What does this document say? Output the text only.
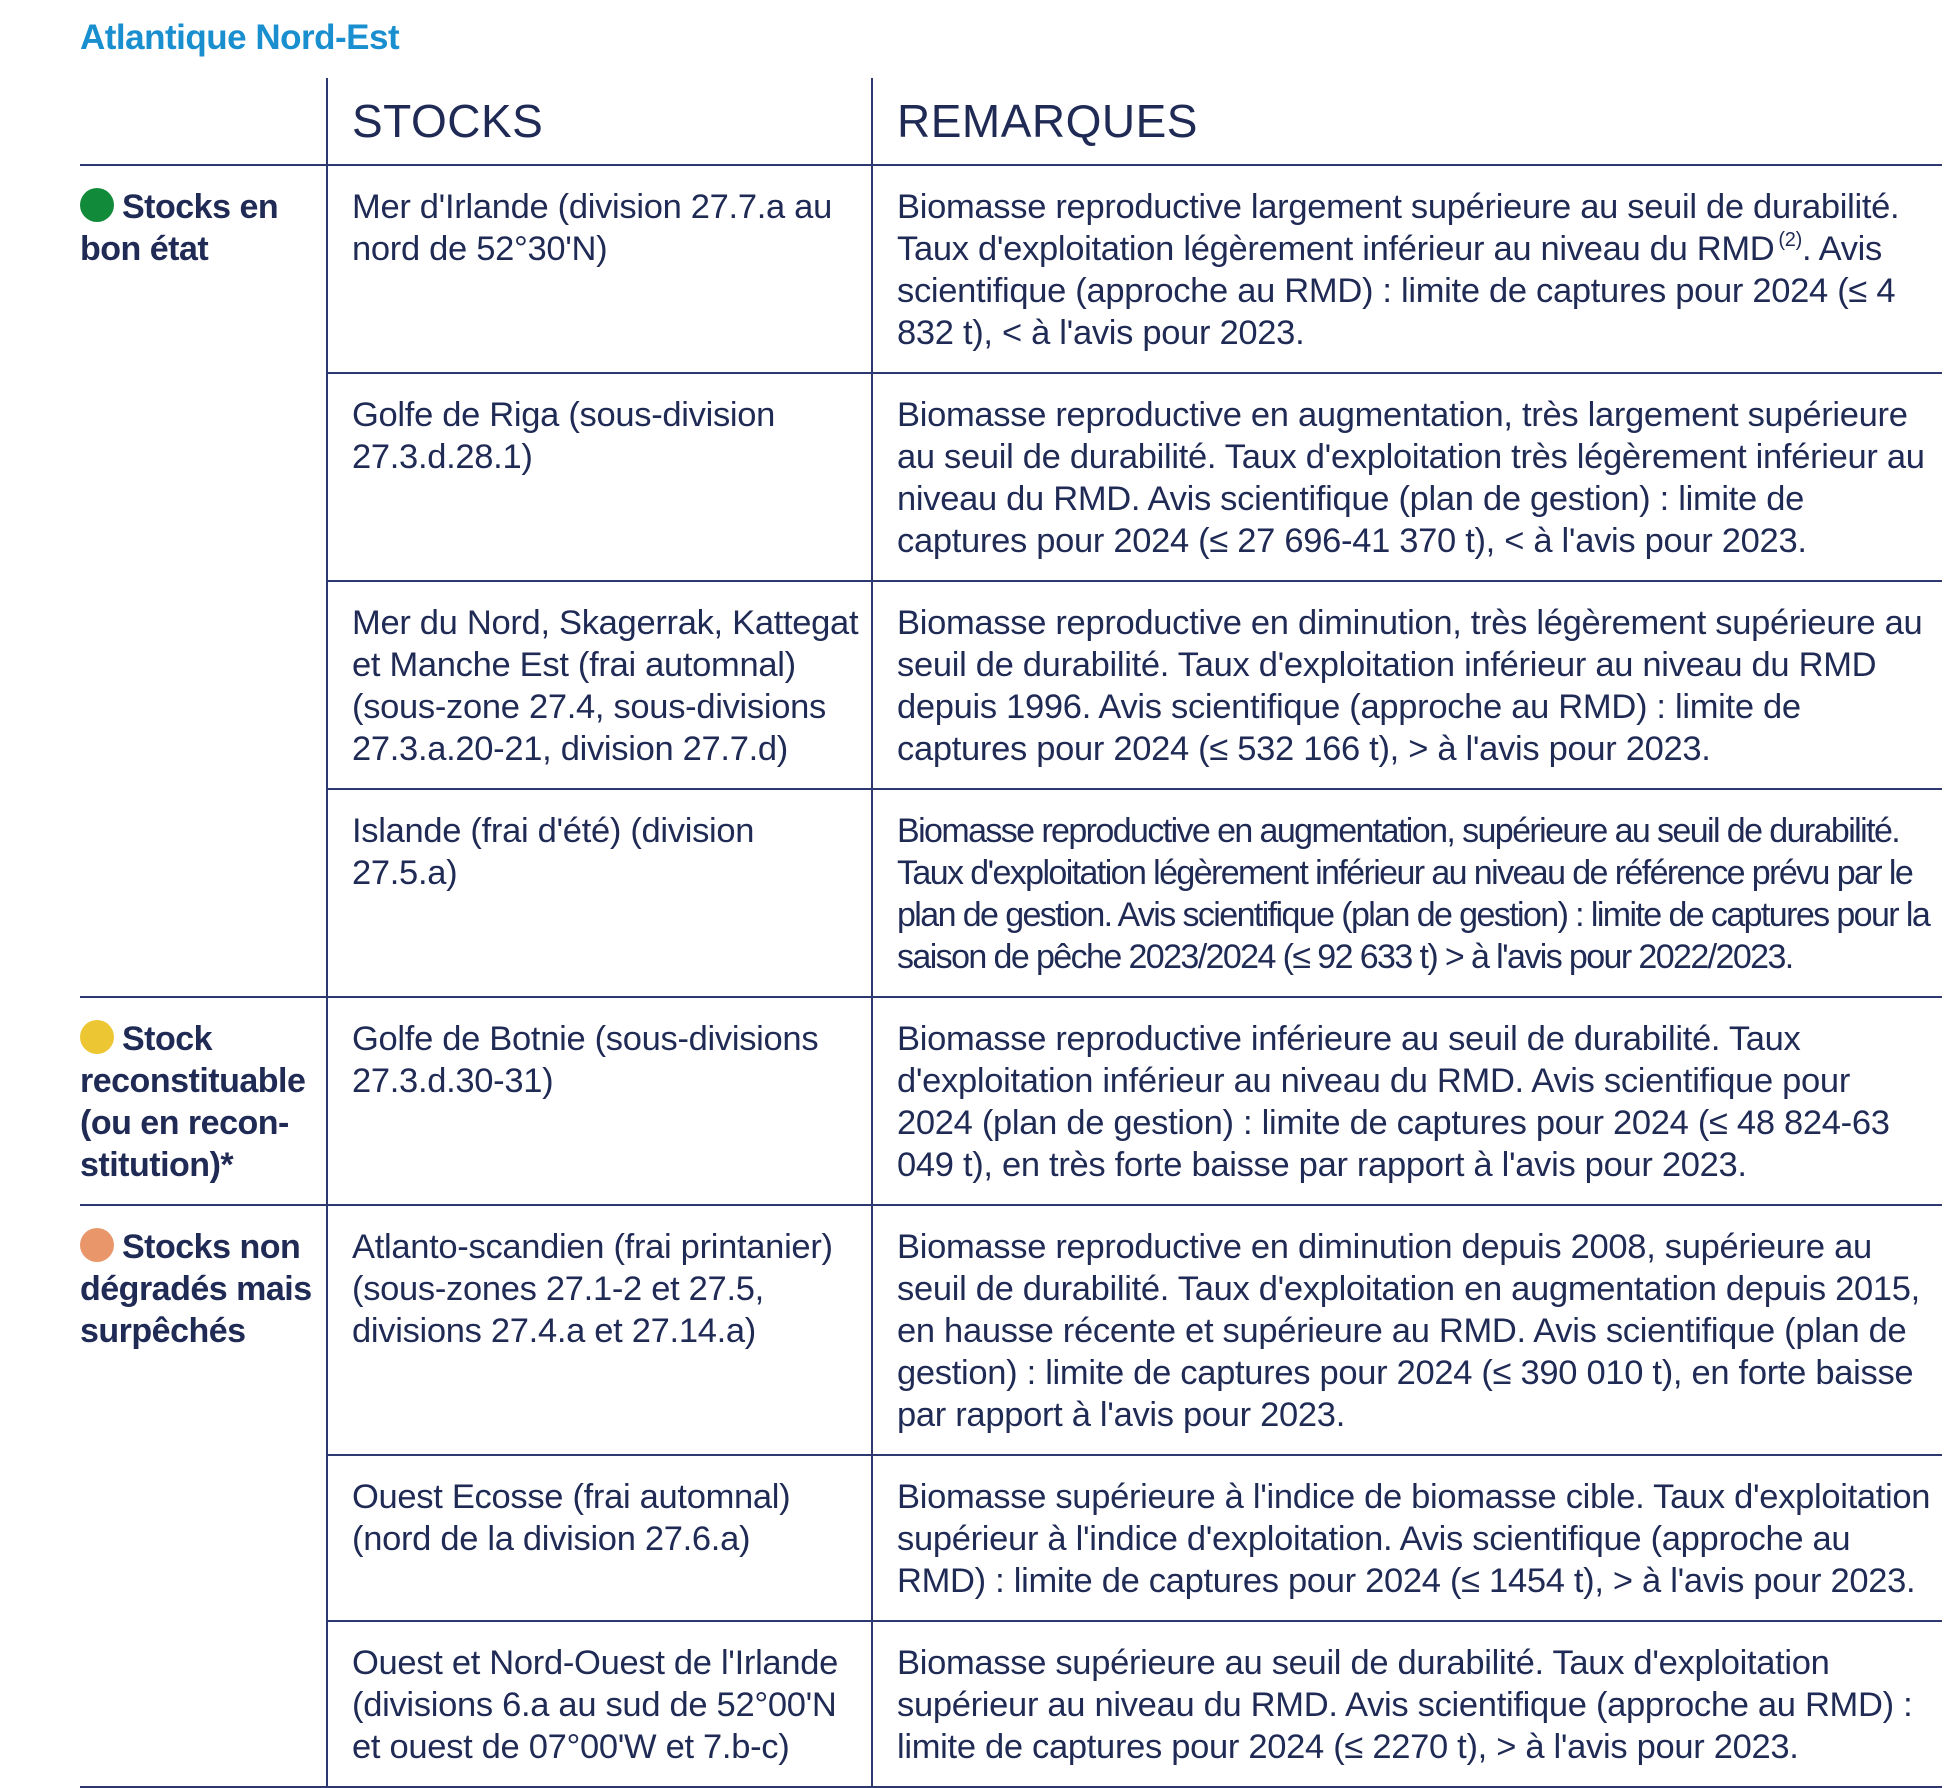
Atlantique Nord-Est
	STOCKS	REMARQUES
Stocks en bon état	Mer d'Irlande (division 27.7.a au nord de 52°30'N)	Biomasse reproductive largement supérieure au seuil de durabilité. Taux d'exploitation légèrement inférieur au niveau du RMD $^{(2)}$. Avis scientifique (approche au RMD) : limite de captures pour 2024 (≤ 4 832 t), < à l'avis pour 2023.
	Golfe de Riga (sous-division 27.3.d.28.1)	Biomasse reproductive en augmentation, très largement supérieure au seuil de durabilité. Taux d'exploitation très légèrement inférieur au niveau du RMD. Avis scientifique (plan de gestion) : limite de captures pour 2024 (≤ 27 696-41 370 t), < à l'avis pour 2023.
	Mer du Nord, Skagerrak, Kattegat et Manche Est (frai automnal) (sous-zone 27.4, sous-divisions 27.3.a.20-21, division 27.7.d)	Biomasse reproductive en diminution, très légèrement supérieure au seuil de durabilité. Taux d'exploitation inférieur au niveau du RMD depuis 1996. Avis scientifique (approche au RMD) : limite de captures pour 2024 (≤ 532 166 t), > à l'avis pour 2023.
	Islande (frai d'été) (division 27.5.a)	Biomasse reproductive en augmentation, supérieure au seuil de durabilité. Taux d'exploitation légèrement inférieur au niveau de référence prévu par le plan de gestion. Avis scientifique (plan de gestion) : limite de captures pour la saison de pêche 2023/2024 (≤ 92 633 t) > à l'avis pour 2022/2023.
Stock reconstituable (ou en recon-stitution)*	Golfe de Botnie (sous-divisions 27.3.d.30-31)	Biomasse reproductive inférieure au seuil de durabilité. Taux d'exploitation inférieur au niveau du RMD. Avis scientifique pour 2024 (plan de gestion) : limite de captures pour 2024 (≤ 48 824-63 049 t), en très forte baisse par rapport à l'avis pour 2023.
Stocks non dégradés mais surpêchés	Atlanto-scandien (frai printanier) (sous-zones 27.1-2 et 27.5, divisions 27.4.a et 27.14.a)	Biomasse reproductive en diminution depuis 2008, supérieure au seuil de durabilité. Taux d'exploitation en augmentation depuis 2015, en hausse récente et supérieure au RMD. Avis scientifique (plan de gestion) : limite de captures pour 2024 (≤ 390 010 t), en forte baisse par rapport à l'avis pour 2023.
	Ouest Ecosse (frai automnal) (nord de la division 27.6.a)	Biomasse supérieure à l'indice de biomasse cible. Taux d'exploitation supérieur à l'indice d'exploitation. Avis scientifique (approche au RMD) : limite de captures pour 2024 (≤ 1454 t), > à l'avis pour 2023.
	Ouest et Nord-Ouest de l'Irlande (divisions 6.a au sud de 52°00'N et ouest de 07°00'W et 7.b-c)	Biomasse supérieure au seuil de durabilité. Taux d'exploitation supérieur au niveau du RMD. Avis scientifique (approche au RMD) : limite de captures pour 2024 (≤ 2270 t), > à l'avis pour 2023.
